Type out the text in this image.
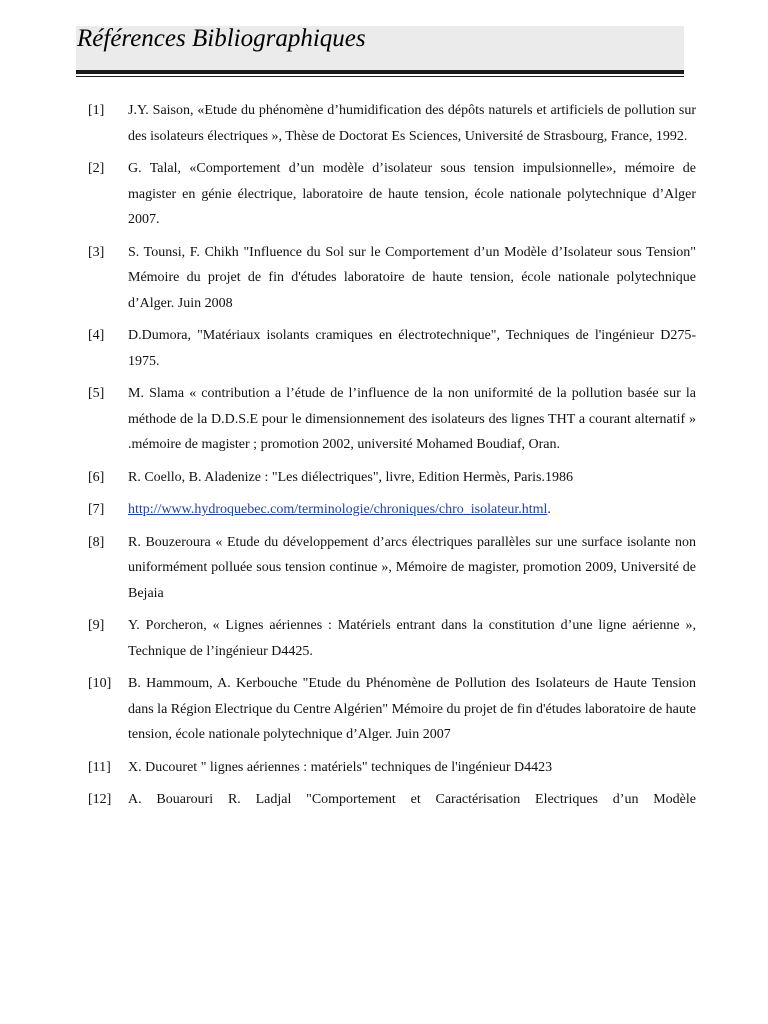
Références Bibliographiques
[1]	J.Y. Saison, «Etude du phénomène d’humidification des dépôts naturels et artificiels de pollution sur des isolateurs électriques », Thèse de Doctorat Es Sciences, Université de Strasbourg, France, 1992.
[2]	G. Talal, «Comportement d’un modèle d’isolateur sous tension impulsionnelle», mémoire de magister en génie électrique, laboratoire de haute tension, école nationale polytechnique d’Alger 2007.
[3]	S. Tounsi, F. Chikh "Influence du Sol sur le Comportement d’un Modèle d’Isolateur sous Tension" Mémoire du projet de fin d'études laboratoire de haute tension, école nationale polytechnique d’Alger. Juin 2008
[4]	D.Dumora, "Matériaux isolants cramiques en électrotechnique", Techniques de l'ingénieur D275-1975.
[5]	M. Slama « contribution a l’étude de l’influence de la non uniformité de la pollution basée sur la méthode de la D.D.S.E pour le dimensionnement des isolateurs des lignes THT a courant alternatif » .mémoire de magister ; promotion 2002, université Mohamed Boudiaf, Oran.
[6]	R. Coello, B. Aladenize : "Les diélectriques", livre, Edition Hermès, Paris.1986
[7]	http://www.hydroquebec.com/terminologie/chroniques/chro_isolateur.html.
[8]	R. Bouzeroura « Etude du développement d’arcs électriques parallèles sur une surface isolante non uniformément polluée sous tension continue », Mémoire de magister, promotion 2009, Université de Bejaia
[9]	Y. Porcheron, « Lignes aériennes : Matériels entrant dans la constitution d’une ligne aérienne », Technique de l’ingénieur D4425.
[10]	B. Hammoum, A. Kerbouche "Etude du Phénomène de Pollution des Isolateurs de Haute Tension dans la Région Electrique du Centre Algérien" Mémoire du projet de fin d'études laboratoire de haute tension, école nationale polytechnique d’Alger. Juin 2007
[11]	X. Ducouret " lignes aériennes : matériels" techniques de l'ingénieur D4423
[12]	A. Bouarouri R. Ladjal "Comportement et Caractérisation Electriques d’un Modèle
